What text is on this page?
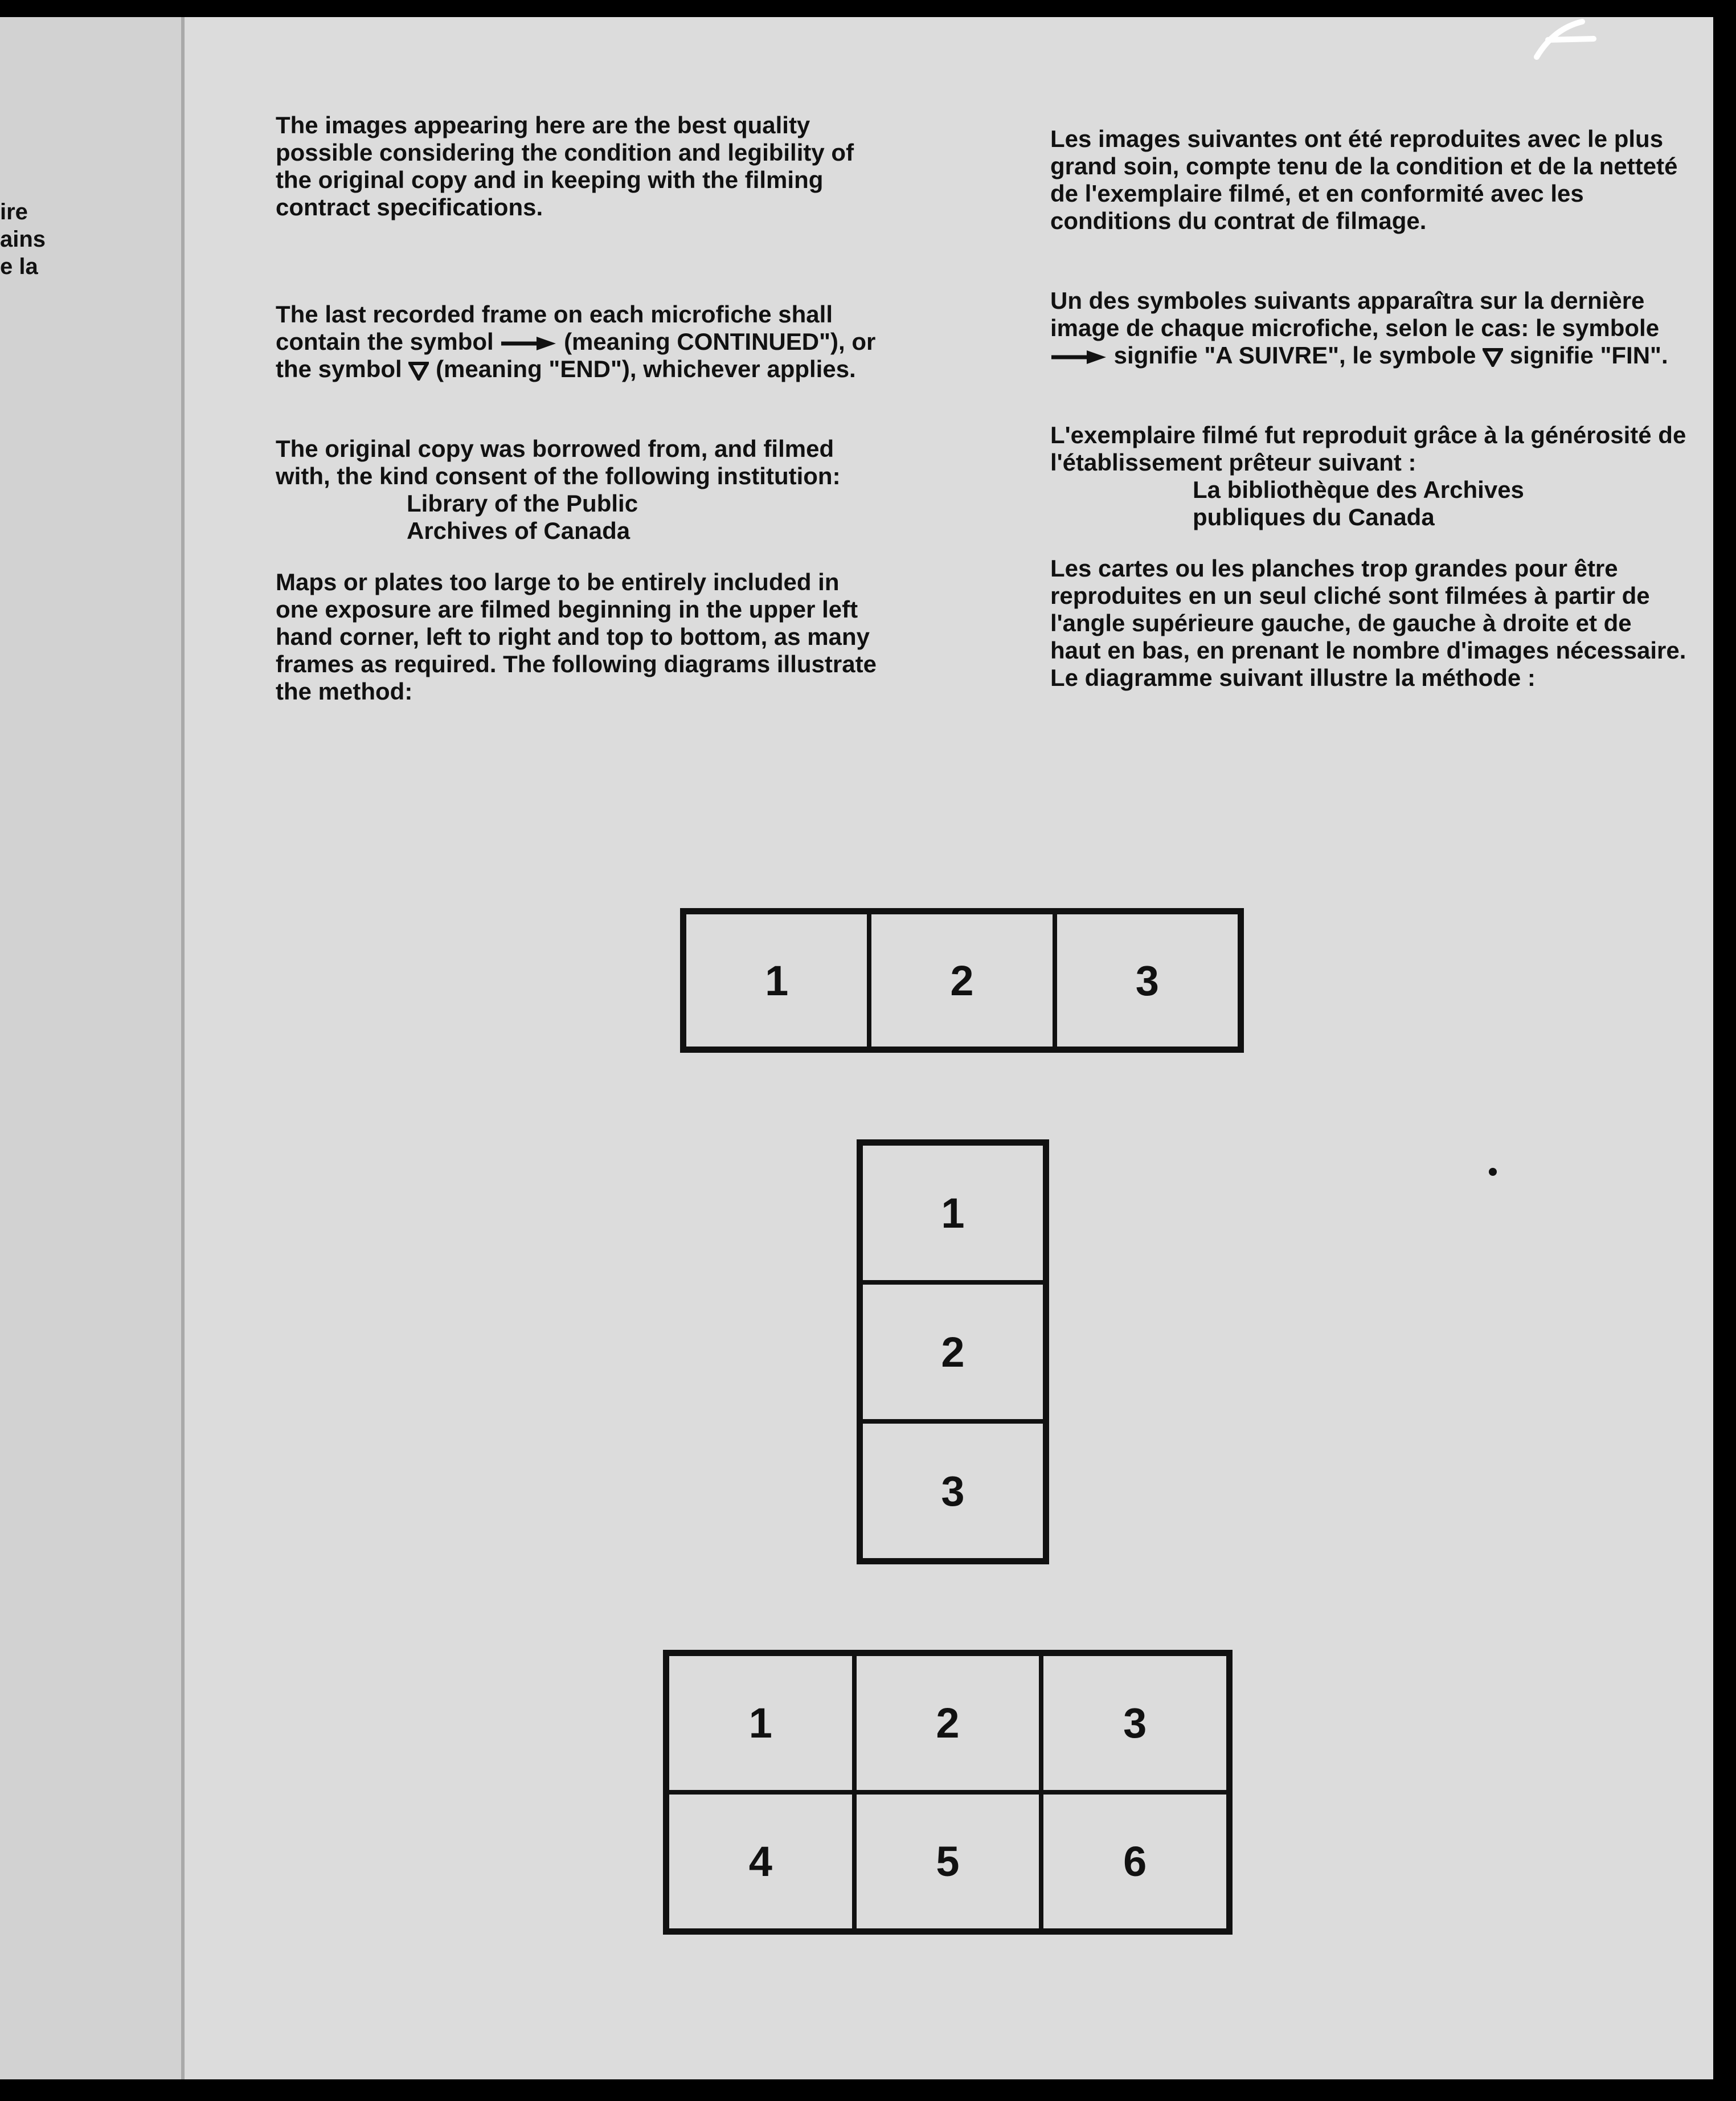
ire
ains
e la
F

The images appearing here are the best quality possible considering the condition and legibility of the original copy and in keeping with the filming contract specifications.

The last recorded frame on each microfiche shall contain the symbol	(meaning CONTINUED"), or the symbol (meaning "END"), whichever applies.

The original copy was borrowed from, and filmed with, the kind consent of the following institution:

Library of the Public

Archives of Canada

Maps or plates too large to be entirely included in one exposure are filmed beginning in the upper left hand corner, left to right and top to bottom, as many frames as required. The following diagrams illustrate the method:

Les images suivantes ont été reproduites avec le plus grand soin, compte tenu de la condition et de la netteté de l'exemplaire filmé, et en conformité avec les conditions du contrat de filmage.

Un des symboles suivants apparaîtra sur la dernière image de chaque microfiche, selon le cas: le symbole  signifie "A SUIVRE", le symbole signifie "FIN".

L'exemplaire filmé fut reproduit grâce à la générosité de l'établissement prêteur suivant :

La bibliothèque des Archives

publiques du Canada

Les cartes ou les planches trop grandes pour être reproduites en un seul cliché sont filmées à partir de l'angle supérieure gauche, de gauche à droite et de haut en bas, en prenant le nombre d'images nécessaire. Le diagramme suivant illustre la méthode :

1	2	3
1
2
3
1	2	3
4	5	6
